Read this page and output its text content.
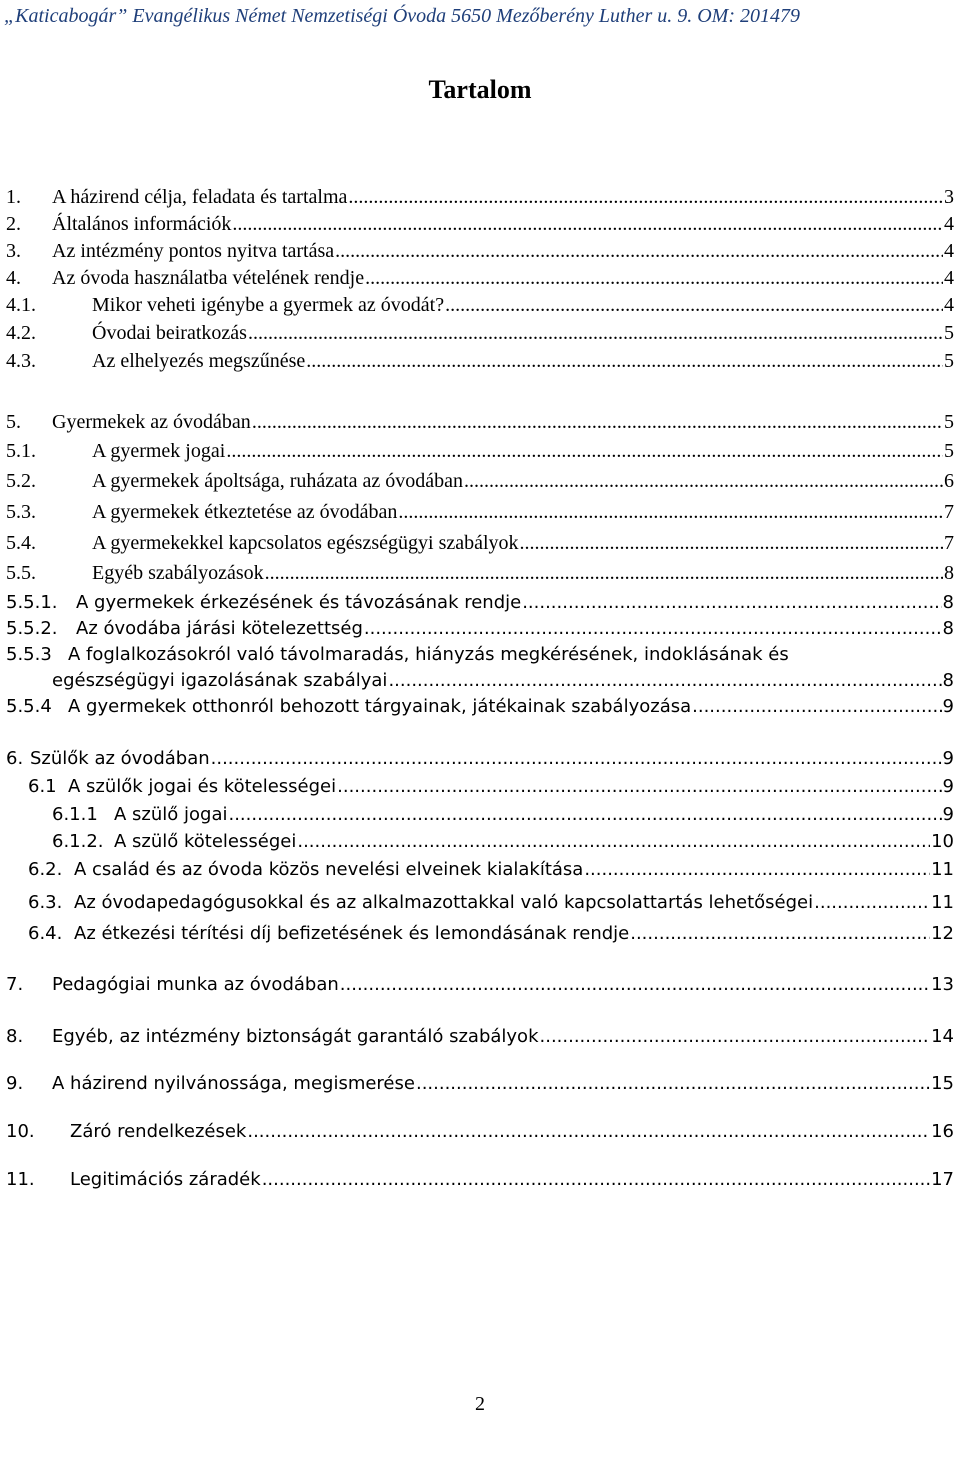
„Katicabogár” Evangélikus Német Nemzetiségi Óvoda 5650 Mezőberény Luther u. 9. OM: 201479
Tartalom
1.	A házirend célja, feladata és tartalma .....	3
2.	Általános információk .....	4
3.	Az intézmény pontos nyitva tartása .....	4
4.	Az óvoda használatba vételének rendje .....	4
4.1.	Mikor veheti igénybe a gyermek az óvodát? .....	4
4.2.	Óvodai beiratkozás .....	5
4.3.	Az elhelyezés megszűnése .....	5
5.	Gyermekek az óvodában .....	5
5.1.	A gyermek jogai .....	5
5.2.	A gyermekek ápoltsága, ruházata az óvodában .....	6
5.3.	A gyermekek étkeztetése az óvodában .....	7
5.4.	A gyermekekkel kapcsolatos egészségügyi szabályok .....	7
5.5.	Egyéb szabályozások .....	8
5.5.1.	A gyermekek érkezésének és távozásának rendje .....	8
5.5.2.	Az óvodába járási kötelezettség .....	8
5.5.3 A foglalkozásokról való távolmaradás, hiányzás megkérésének, indoklásának és
egészségügyi igazolásának szabályai .....	8
5.5.4 A gyermekek otthonról behozott tárgyainak, játékainak szabályozása .....	9
6. Szülők az óvodában .....	9
6.1 A szülők jogai és kötelességei .....	9
6.1.1 A szülő jogai .....	9
6.1.2. A szülő kötelességei .....	10
6.2. A család és az óvoda közös nevelési elveinek kialakítása .....	11
6.3. Az óvodapedagógusokkal és az alkalmazottakkal való kapcsolattartás lehetőségei .....	11
6.4. Az étkezési térítési díj befizetésének és lemondásának rendje .....	12
7.	Pedagógiai munka az óvodában .....	13
8.	Egyéb, az intézmény biztonságát garantáló szabályok .....	14
9.	A házirend nyilvánossága, megismerése .....	15
10.	Záró rendelkezések .....	16
11.	Legitimációs záradék .....	17
2
